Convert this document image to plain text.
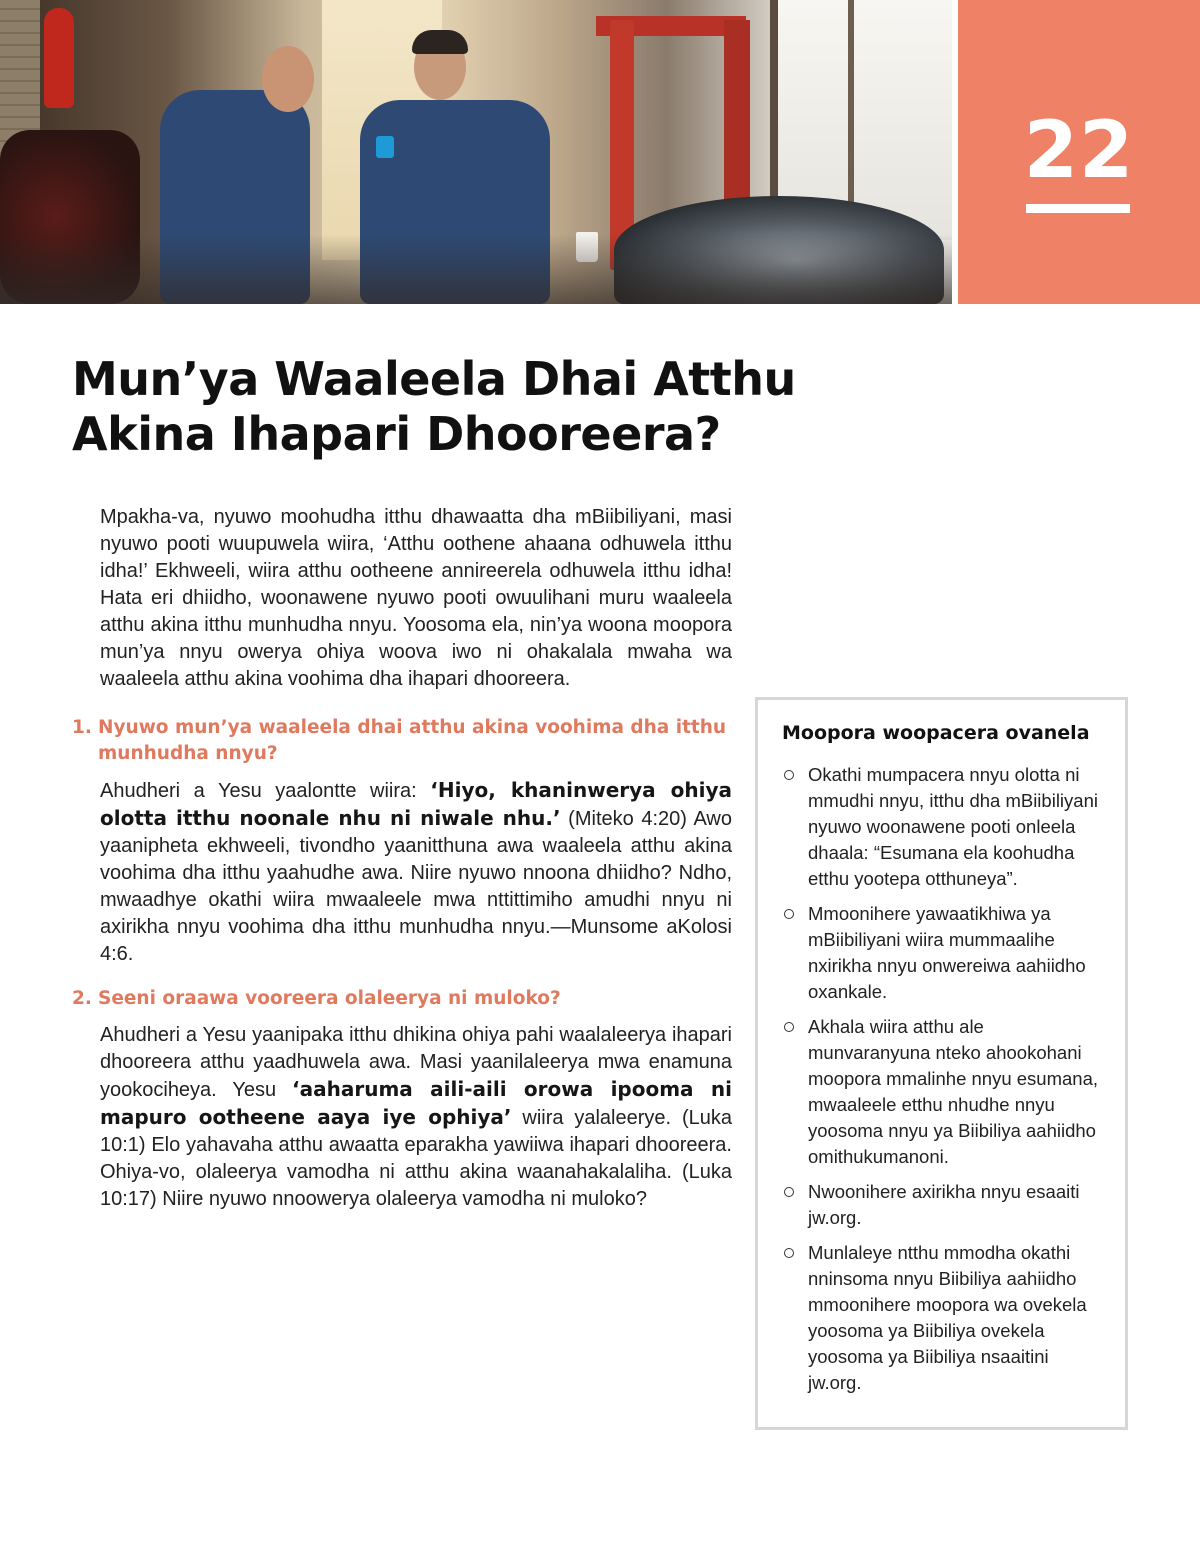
22
Mun’ya Waaleela Dhai Atthu
Akina Ihapari Dhooreera?

Mpakha-va, nyuwo moohudha itthu dhawaatta dha mBiibiliyani, masi nyuwo pooti wuupuwela wiira, ‘Atthu oothene ahaana odhuwela itthu idha!’ Ekhweeli, wiira atthu ootheene annireerela odhuwela itthu idha! Hata eri dhiidho, woonawene nyuwo pooti owuulihani muru waaleela atthu akina itthu munhudha nnyu. Yoosoma ela, nin’ya woona moopora mun’ya nnyu owerya ohiya woova iwo ni ohakalala mwaha wa waaleela atthu akina voohima dha ihapari dhooreera.

1. Nyuwo mun’ya waaleela dhai atthu akina voohima dha itthu munhudha nnyu?

Ahudheri a Yesu yaalontte wiira: ‘Hiyo, khaninwerya ohiya olotta itthu noonale nhu ni niwale nhu.’ (Miteko 4:20) Awo yaanipheta ekhweeli, tivondho yaanitthuna awa waaleela atthu akina voohima dha itthu yaahudhe awa. Niire nyuwo nnoona dhiidho? Ndho, mwaadhye okathi wiira mwaaleele mwa nttittimiho amudhi nnyu ni axirikha nnyu voohima dha itthu munhudha nnyu.—Munsome aKolosi 4:6.

2. Seeni oraawa vooreera olaleerya ni muloko?

Ahudheri a Yesu yaanipaka itthu dhikina ohiya pahi waalaleerya ihapari dhooreera atthu yaadhuwela awa. Masi yaanilaleerya mwa enamuna yookociheya. Yesu ‘aaharuma aili-aili orowa ipooma ni mapuro ootheene aaya iye ophiya’ wiira yalaleerye. (Luka 10:1) Elo yahavaha atthu awaatta eparakha yawiiwa ihapari dhooreera. Ohiya-vo, olaleerya vamodha ni atthu akina waanahakalaliha. (Luka 10:17) Niire nyuwo nnoowerya olaleerya vamodha ni muloko?

Moopora woopacera ovanela
Okathi mumpacera nnyu olotta ni mmudhi nnyu, itthu dha mBiibiliyani nyuwo woonawene pooti onleela dhaala: “Esumana ela koohudha etthu yootepa otthuneya”.
Mmoonihere yawaatikhiwa ya mBiibiliyani wiira mummaalihe nxirikha nnyu onwereiwa aahiidho oxankale.
Akhala wiira atthu ale munvaranyuna nteko ahookohani moopora mmalinhe nnyu esumana, mwaaleele etthu nhudhe nnyu yoosoma nnyu ya Biibiliya aahiidho omithukumanoni.
Nwoonihere axirikha nnyu esaaiti jw.org.
Munlaleye ntthu mmodha okathi nninsoma nnyu Biibiliya aahiidho mmoonihere moopora wa ovekela yoosoma ya Biibiliya ovekela yoosoma ya Biibiliya nsaaitini jw.org.
